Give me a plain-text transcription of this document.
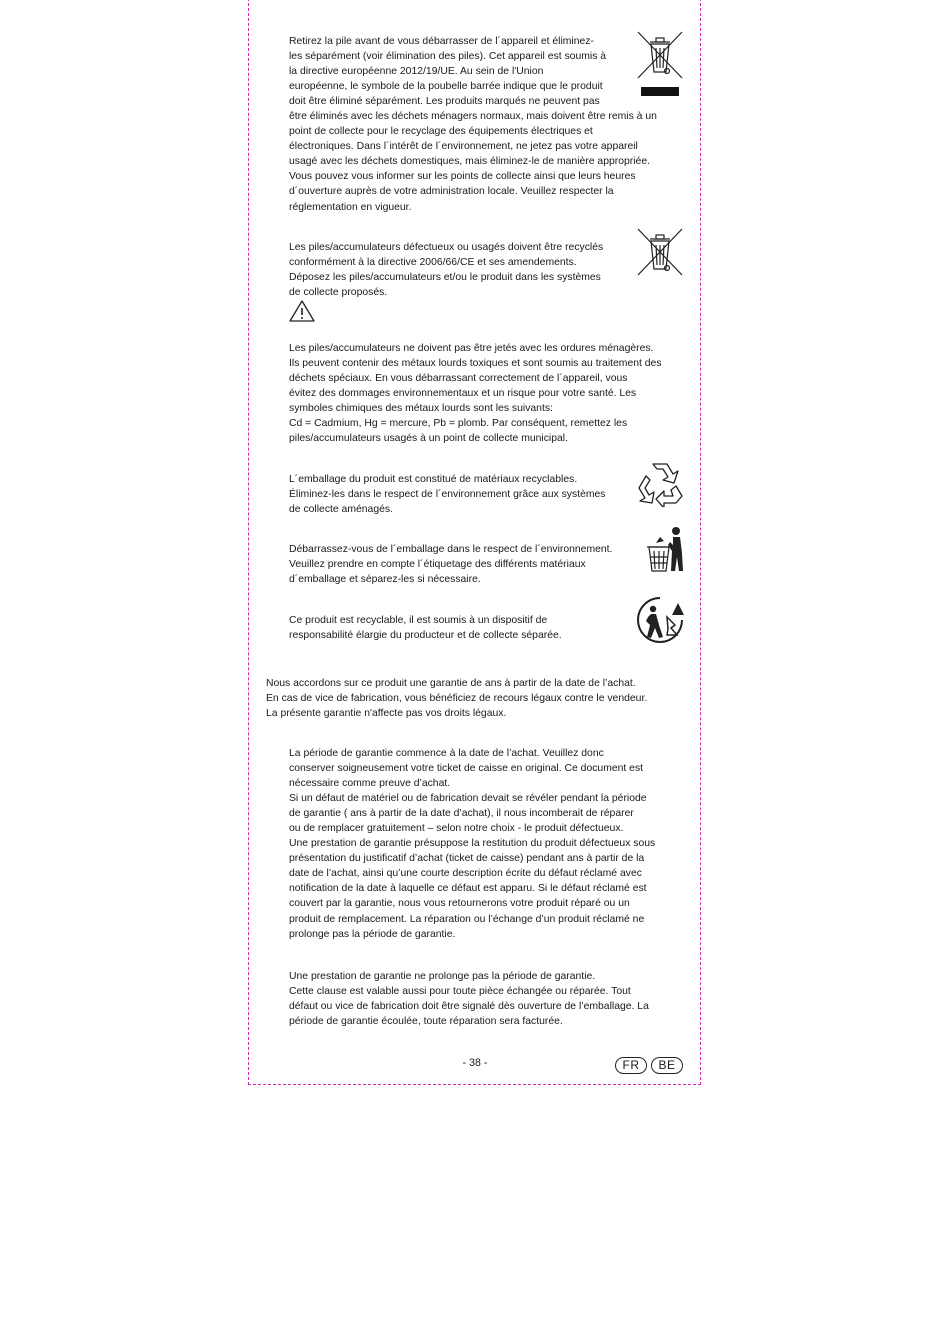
Retirez la pile avant de vous débarrasser de l´appareil et éliminez-
les séparément (voir élimination des piles). Cet appareil est soumis à
la directive européenne 2012/19/UE. Au sein de l'Union
européenne, le symbole de la poubelle barrée indique que le produit
doit être éliminé séparément. Les produits marqués ne peuvent pas
être éliminés avec les déchets ménagers normaux, mais doivent être remis à un
point de collecte pour le recyclage des équipements électriques et
électroniques. Dans l´intérêt de l´environnement, ne jetez pas votre appareil
usagé avec les déchets domestiques, mais éliminez-le de manière appropriée.
Vous pouvez vous informer sur les points de collecte ainsi que leurs heures
d´ouverture auprès de votre administration locale. Veuillez respecter la
réglementation en vigueur.

Les piles/accumulateurs défectueux ou usagés doivent être recyclés
conformément à la directive 2006/66/CE et ses amendements.
Déposez les piles/accumulateurs et/ou le produit dans les systèmes
de collecte proposés.

Les piles/accumulateurs ne doivent pas être jetés avec les ordures ménagères.
Ils peuvent contenir des métaux lourds toxiques et sont soumis au traitement des
déchets spéciaux. En vous débarrassant correctement de l´appareil, vous
évitez des dommages environnementaux et un risque pour votre santé. Les
symboles chimiques des métaux lourds sont les suivants:
Cd = Cadmium, Hg = mercure, Pb = plomb. Par conséquent, remettez les
piles/accumulateurs usagés à un point de collecte municipal.

L´emballage du produit est constitué de matériaux recyclables.
Éliminez-les dans le respect de l´environnement grâce aux systèmes
de collecte aménagés.

Débarrassez-vous de l´emballage dans le respect de l´environnement.
Veuillez prendre en compte l´étiquetage des différents matériaux
d´emballage et séparez-les si nécessaire.

Ce produit est recyclable, il est soumis à un dispositif de
responsabilité élargie du producteur et de collecte séparée.

Nous accordons sur ce produit une garantie de ans à partir de la date de l’achat.
En cas de vice de fabrication, vous bénéficiez de recours légaux contre le vendeur.
La présente garantie n'affecte pas vos droits légaux.

La période de garantie commence à la date de l’achat. Veuillez donc
conserver soigneusement votre ticket de caisse en original. Ce document est
nécessaire comme preuve d’achat.
Si un défaut de matériel ou de fabrication devait se révéler pendant la période
de garantie ( ans à partir de la date d’achat), il nous incomberait de réparer
ou de remplacer gratuitement – selon notre choix - le produit défectueux.
Une prestation de garantie présuppose la restitution du produit défectueux sous
présentation du justificatif d’achat (ticket de caisse) pendant ans à partir de la
date de l’achat, ainsi qu’une courte description écrite du défaut réclamé avec
notification de la date à laquelle ce défaut est apparu. Si le défaut réclamé est
couvert par la garantie, nous vous retournerons votre produit réparé ou un
produit de remplacement. La réparation ou l’échange d’un produit réclamé ne
prolonge pas la période de garantie.

Une prestation de garantie ne prolonge pas la période de garantie.
Cette clause est valable aussi pour toute pièce échangée ou réparée. Tout
défaut ou vice de fabrication doit être signalé dès ouverture de l’emballage. La
période de garantie écoulée, toute réparation sera facturée.

- 38 -	FR	BE
